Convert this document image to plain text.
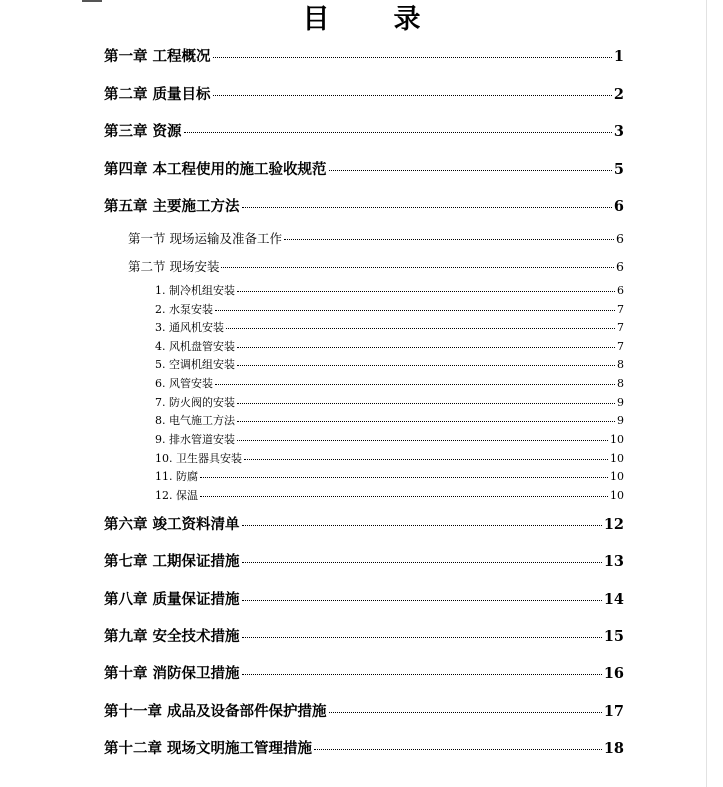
目 录
第一章 工程概况	1
第二章 质量目标	2
第三章 资源	3
第四章 本工程使用的施工验收规范	5
第五章 主要施工方法	6
第一节 现场运输及准备工作	6
第二节 现场安装	6
1. 制冷机组安装	6
2. 水泵安装	7
3. 通风机安装	7
4. 风机盘管安装	7
5. 空调机组安装	8
6. 风管安装	8
7. 防火阀的安装	9
8. 电气施工方法	9
9. 排水管道安装	10
10. 卫生器具安装	10
11. 防腐	10
12. 保温	10
第六章 竣工资料清单	12
第七章 工期保证措施	13
第八章 质量保证措施	14
第九章 安全技术措施	15
第十章 消防保卫措施	16
第十一章 成品及设备部件保护措施	17
第十二章 现场文明施工管理措施	18
